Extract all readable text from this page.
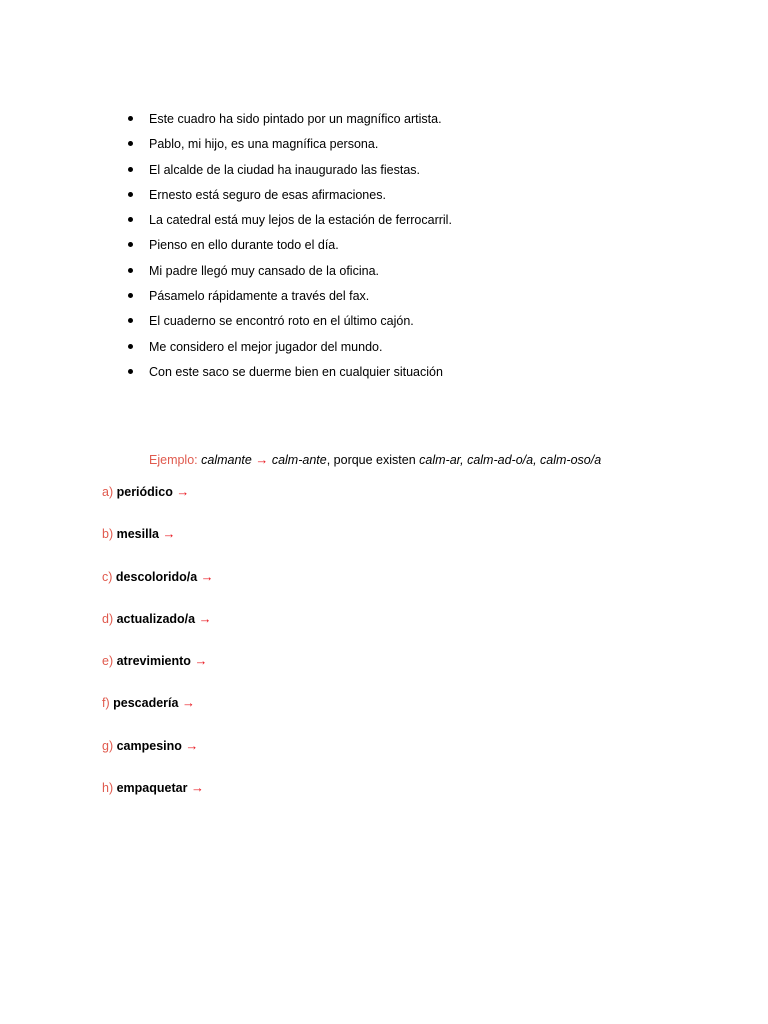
Este cuadro ha sido pintado por un magnífico artista.
Pablo, mi hijo, es una magnífica persona.
El alcalde de la ciudad ha inaugurado las fiestas.
Ernesto está seguro de esas afirmaciones.
La catedral está muy lejos de la estación de ferrocarril.
Pienso en ello durante todo el día.
Mi padre llegó muy cansado de la oficina.
Pásamelo rápidamente a través del fax.
El cuaderno se encontró roto en el último cajón.
Me considero el mejor jugador del mundo.
Con este saco se duerme bien en cualquier situación
Ejemplo: calmante → calm-ante, porque existen calm-ar, calm-ad-o/a, calm-oso/a
a) periódico →
b) mesilla →
c) descolorido/a →
d) actualizado/a →
e) atrevimiento →
f) pescadería →
g) campesino →
h) empaquetar →
